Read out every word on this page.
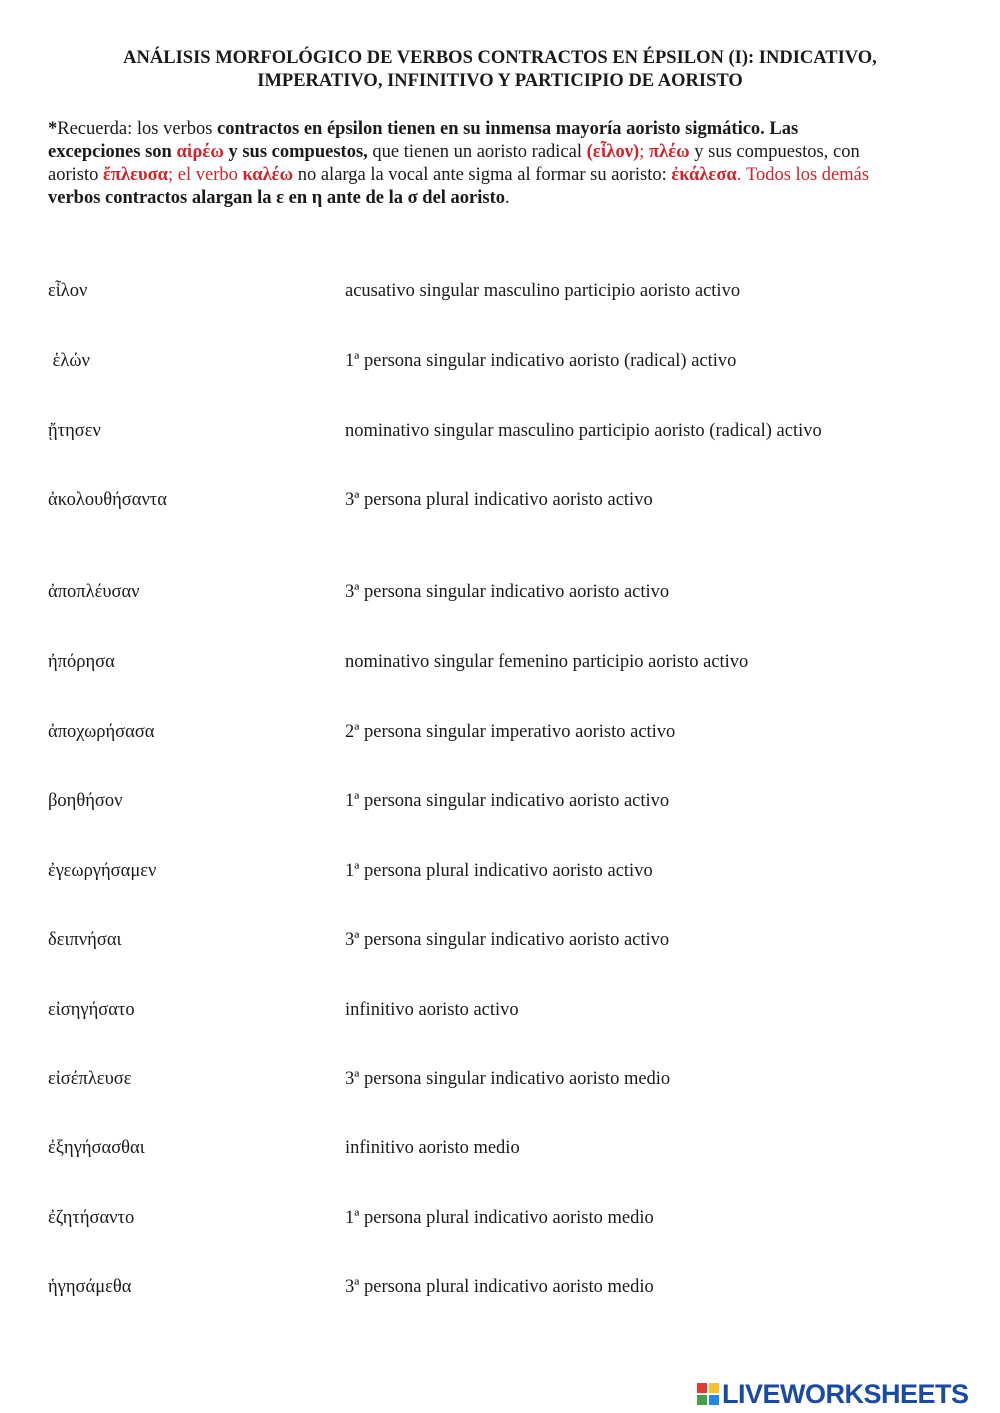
ANÁLISIS MORFOLÓGICO DE VERBOS CONTRACTOS EN ÉPSILON (I): INDICATIVO,
IMPERATIVO, INFINITIVO Y PARTICIPIO DE AORISTO
*Recuerda: los verbos contractos en épsilon tienen en su inmensa mayoría aoristo sigmático. Las
excepciones son αἱρέω y sus compuestos, que tienen un aoristo radical (εἶλον); πλέω y sus compuestos, con
aoristo ἔπλευσα; el verbo καλέω no alarga la vocal ante sigma al formar su aoristo: ἐκάλεσα. Todos los demás
verbos contractos alargan la ε en η ante de la σ del aoristo.
εἶλον	acusativo singular masculino participio aoristo activo
ἑλών	1ª persona singular indicativo aoristo (radical) activo
ᾔτησεν	nominativo singular masculino participio aoristo (radical) activo
ἀκολουθήσαντα	3ª persona plural indicativo aoristo activo
ἀποπλέυσαν	3ª persona singular indicativo aoristo activo
ἠπόρησα	nominativo singular femenino participio aoristo activo
ἀποχωρήσασα	2ª persona singular imperativo aoristo activo
βοηθήσον	1ª persona singular indicativo aoristo activo
ἐγεωργήσαμεν	1ª persona plural indicativo aoristo activo
δειπνήσαι	3ª persona singular indicativo aoristo activo
εἰσηγήσατο	infinitivo aoristo activo
εἰσέπλευσε	3ª persona singular indicativo aoristo medio
ἐξηγήσασθαι	infinitivo aoristo medio
ἐζητήσαντο	1ª persona plural indicativo aoristo medio
ἡγησάμεθα	3ª persona plural indicativo aoristo medio
LIVEWORKSHEETS
